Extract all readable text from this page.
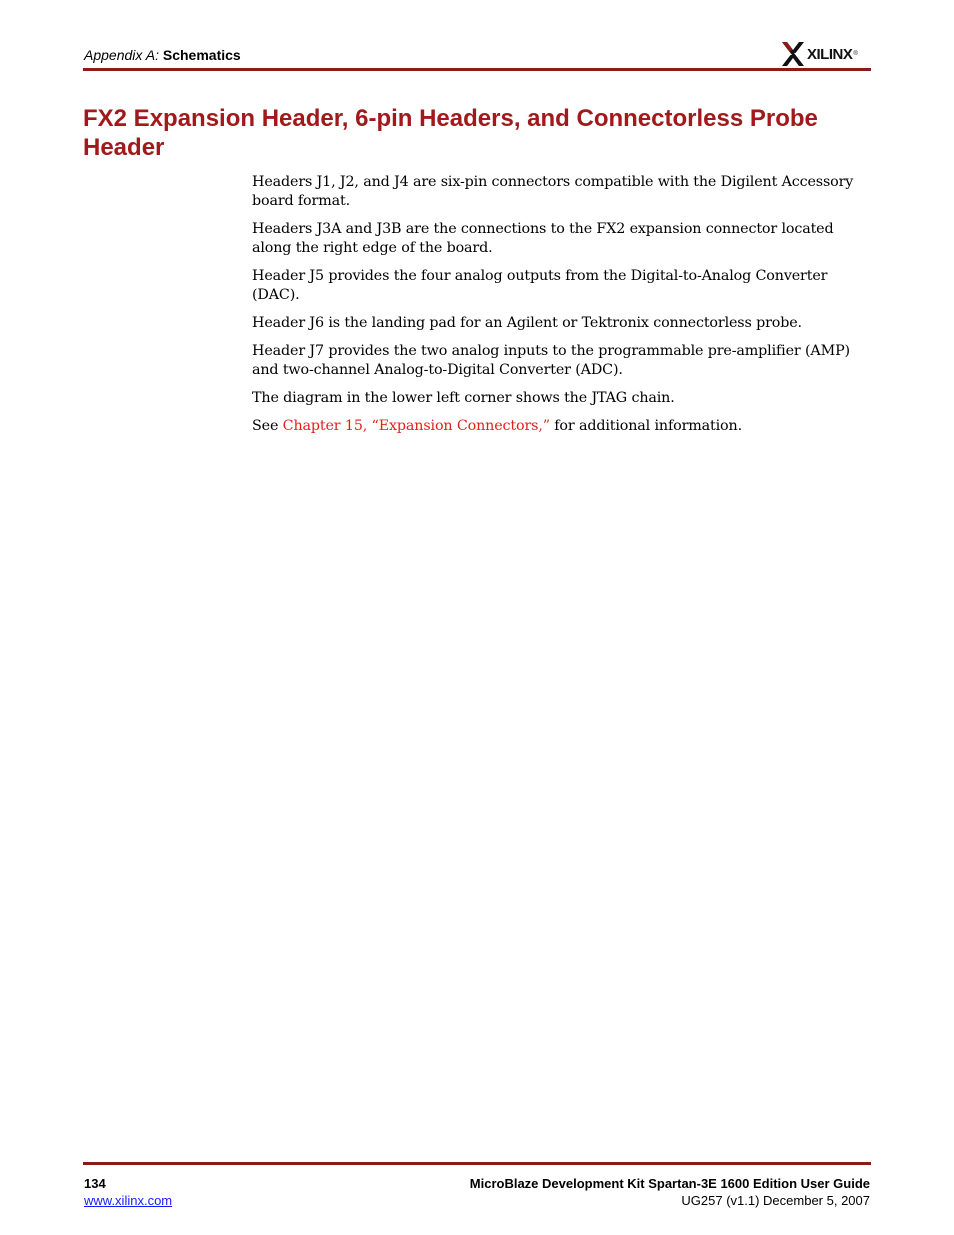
Appendix A: Schematics	XILINX ®
FX2 Expansion Header, 6-pin Headers, and Connectorless Probe Header

Headers J1, J2, and J4 are six-pin connectors compatible with the Digilent Accessory board format.

Headers J3A and J3B are the connections to the FX2 expansion connector located along the right edge of the board.

Header J5 provides the four analog outputs from the Digital-to-Analog Converter (DAC).

Header J6 is the landing pad for an Agilent or Tektronix connectorless probe.

Header J7 provides the two analog inputs to the programmable pre-amplifier (AMP) and two-channel Analog-to-Digital Converter (ADC).

The diagram in the lower left corner shows the JTAG chain.

See Chapter 15, “Expansion Connectors,” for additional information.

134
www.xilinx.com
MicroBlaze Development Kit Spartan-3E 1600 Edition User Guide
UG257 (v1.1) December 5, 2007
